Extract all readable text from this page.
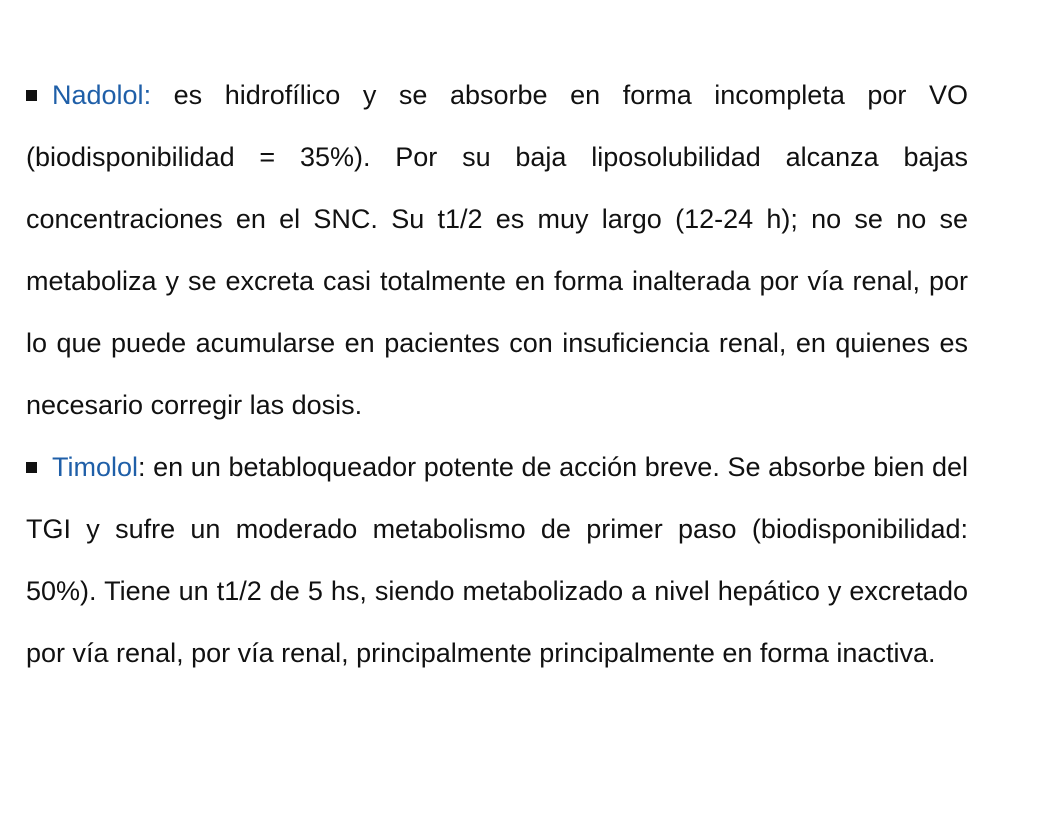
Nadolol: es hidrofílico y se absorbe en forma incompleta por VO (biodisponibilidad = 35%). Por su baja liposolubilidad alcanza bajas concentraciones en el SNC. Su t1/2 es muy largo (12-24 h); no se no se metaboliza y se excreta casi totalmente en forma inalterada por vía renal, por lo que puede acumularse en pacientes con insuficiencia renal, en quienes es necesario corregir las dosis.

Timolol: en un betabloqueador potente de acción breve. Se absorbe bien del TGI y sufre un moderado metabolismo de primer paso (biodisponibilidad: 50%). Tiene un t1/2 de 5 hs, siendo metabolizado a nivel hepático y excretado por vía renal, por vía renal, principalmente principalmente en forma inactiva.
